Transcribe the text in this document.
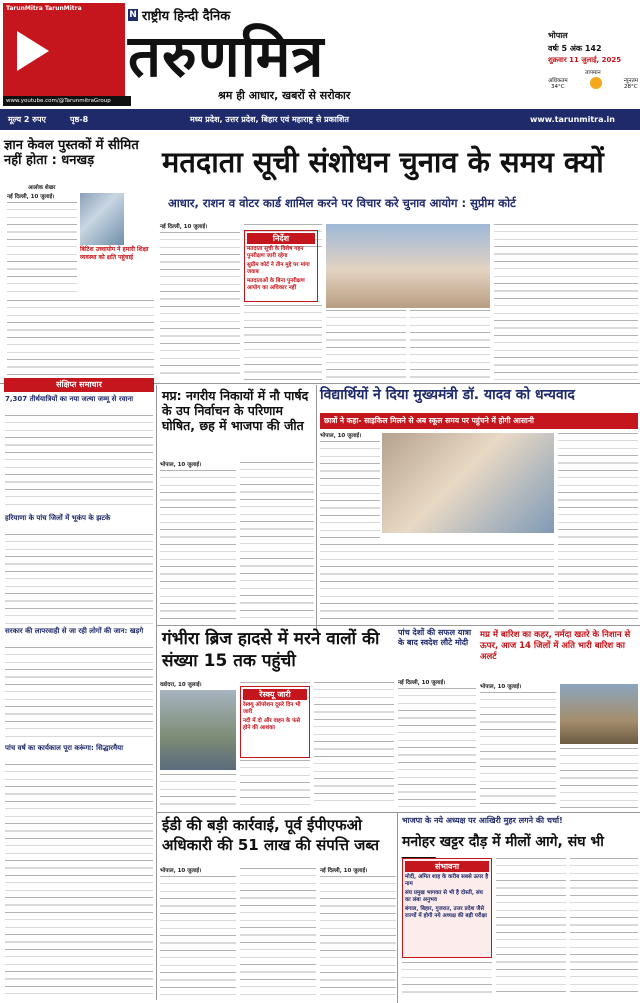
TarunMitra TarunMitra
www.youtube.com/@TarunmitraGroup
N राष्ट्रीय हिन्दी दैनिक
तरुणमित्र
श्रम ही आधार, खबरों से सरोकार
भोपाल
वर्षः 5 अंक 142
शुक्रवार 11 जुलाई, 2025
तापमान
अधिकतम
34°C
न्यूनतम
28°C
मूल्य 2 रुपए	पृष्ठ-8	मध्य प्रदेश, उत्तर प्रदेश, बिहार एवं महाराष्ट्र से प्रकाशित	www.tarunmitra.in
ज्ञान केवल पुस्तकों में सीमित नहीं होता : धनखड़
आलोक शेखर
नई दिल्ली, 10 जुलाई।
बिटिश उच्चायोग ने हमारी शिक्षा व्यवस्था को क्षति पहुंचाई
मतदाता सूची संशोधन चुनाव के समय क्यों
आधार, राशन व वोटर कार्ड शामिल करने पर विचार करे चुनाव आयोग : सुप्रीम कोर्ट
नई दिल्ली, 10 जुलाई।
निर्देश
मतदाता सूची के विशेष गहन पुनरीक्षण जारी रहेगा
सुप्रीम कोर्ट ने तीन मुद्दे पर मांगा जवाब
मतदाताओं के बिना पुनरीक्षण आयोग का अधिकार नहीं
संक्षिप्त समाचार
7,307 तीर्थयात्रियों का नया जत्था जम्मू से रवाना
हरियाणा के पांच जिलों में भूकंप के झटके
सरकार की लापरवाही से जा रही लोगों की जान: खड़गे
पांच वर्ष का कार्यकाल पूरा करूंगा: सिद्धारमैया
मप्र: नगरीय निकायों में नौ पार्षद के उप निर्वाचन के परिणाम घोषित, छह में भाजपा की जीत
भोपाल, 10 जुलाई।
विद्यार्थियों ने दिया मुख्यमंत्री डॉ. यादव को धन्यवाद
छात्रों ने कहा- साइकिल मिलने से अब स्कूल समय पर पहुंचने में होगी आसानी
भोपाल, 10 जुलाई।
गंभीरा ब्रिज हादसे में मरने वालों की संख्या 15 तक पहुंची
वडोदरा, 10 जुलाई।
रेस्क्यू जारी
रेस्क्यू ऑपरेशन दूसरे दिन भी जारी
नदी में दो और वाहन के फंसे होने की आशंका
पांच देशों की सफल यात्रा के बाद स्वदेश लौटे मोदी
नई दिल्ली, 10 जुलाई।
मप्र में बारिश का कहर, नर्मदा खतरे के निशान से ऊपर, आज 14 जिलों में अति भारी बारिश का अलर्ट
भोपाल, 10 जुलाई।
ईडी की बड़ी कार्रवाई, पूर्व ईपीएफओ अधिकारी की 51 लाख की संपत्ति जब्त
भोपाल, 10 जुलाई।
भाजपा के नये अध्यक्ष पर आखिरी मुहर लगने की चर्चा!
मनोहर खट्टर दौड़ में मीलों आगे, संघ भी
नई दिल्ली, 10 जुलाई।	संभावना
मोदी, अमित शाह के करीब सबसे ऊपर है नाम
संघ प्रमुख भागवत से भी है दोस्ती, संघ का लंबा अनुभव
बंगाल, बिहार, गुजरात, उत्तर प्रदेश जैसे राज्यों में होगी नये अध्यक्ष की बड़ी परीक्षा
